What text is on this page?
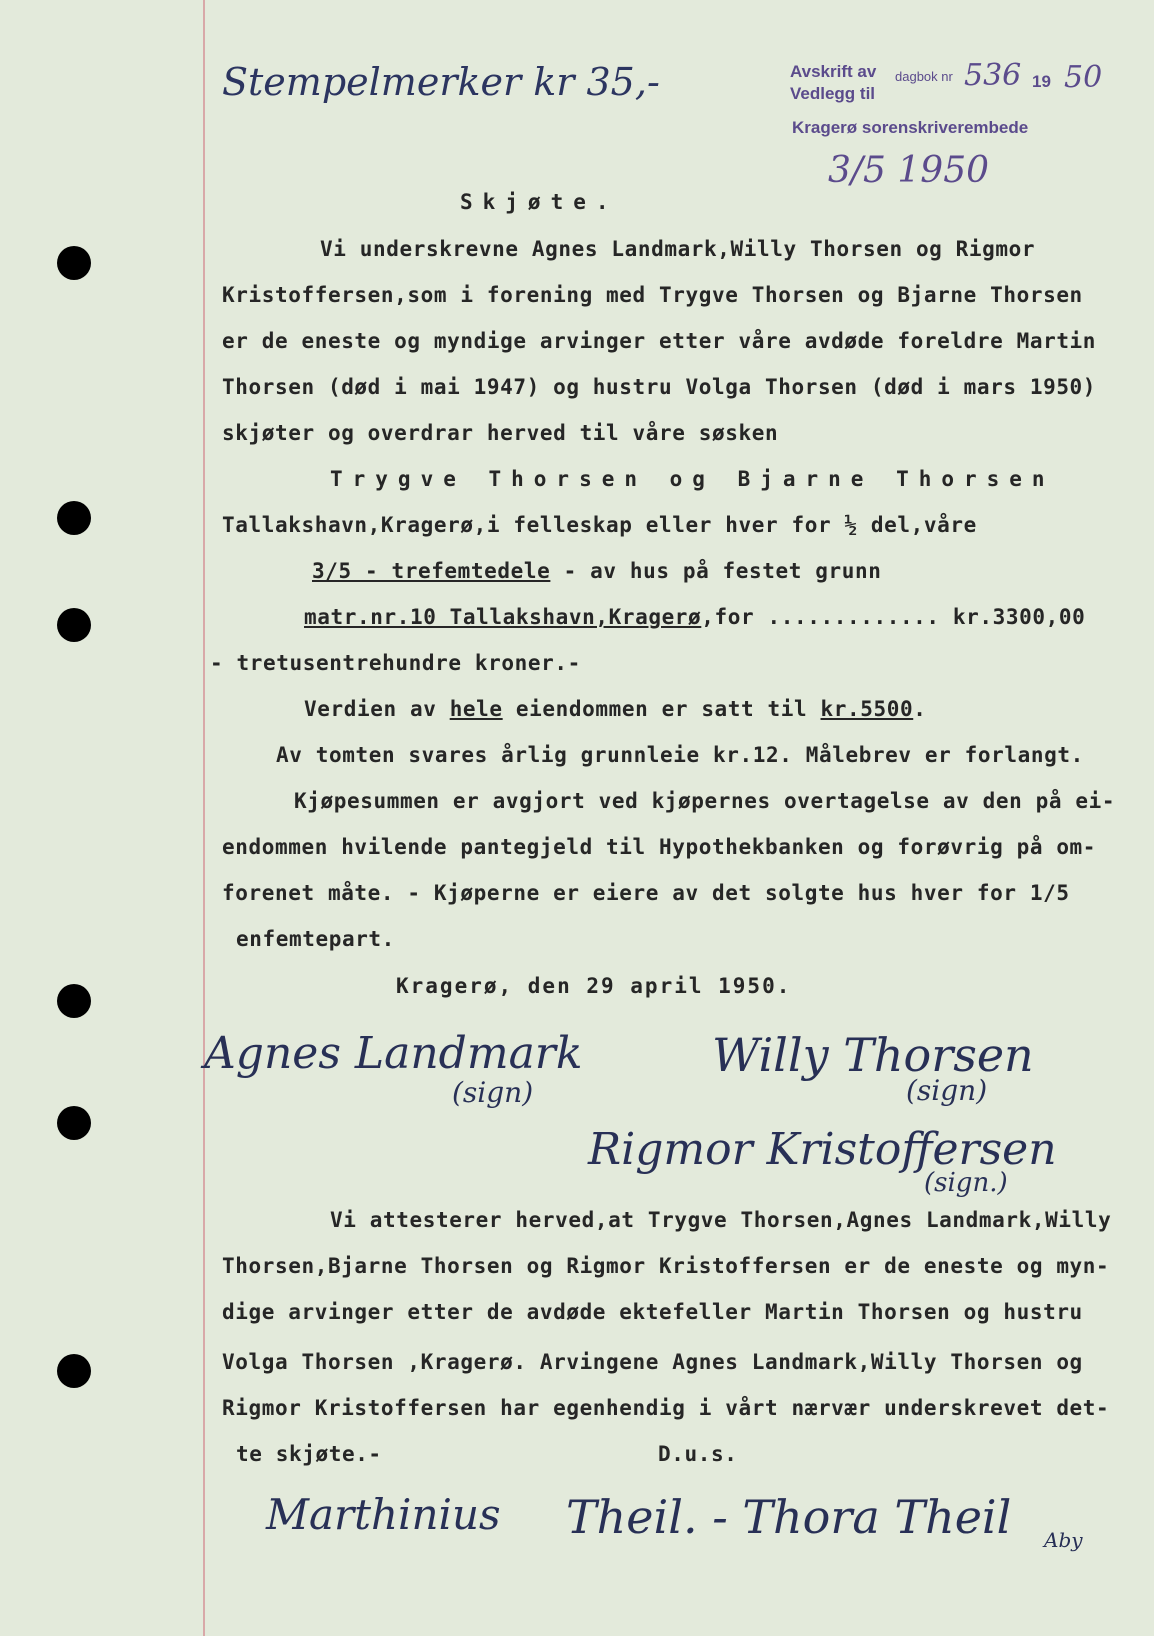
Stempelmerker kr 35,-	Avskrift av dagbok nr
Vedlegg til
536 19 50
Kragerø sorenskriverembede
3/5 1950
Skjøte.
Vi underskrevne Agnes Landmark,Willy Thorsen og Rigmor
Kristoffersen,som i forening med Trygve Thorsen og Bjarne Thorsen
er de eneste og myndige arvinger etter våre avdøde foreldre Martin
Thorsen (død i mai 1947) og hustru Volga Thorsen (død i mars 1950)
skjøter og overdrar herved til våre søsken
Trygve Thorsen og Bjarne Thorsen
Tallakshavn,Kragerø,i felleskap eller hver for ½ del,våre
3/5 - trefemtedele - av hus på festet grunn
matr.nr.10 Tallakshavn,Kragerø,for ............. kr.3300,00
- tretusentrehundre kroner.-
Verdien av hele eiendommen er satt til kr.5500.
Av tomten svares årlig grunnleie kr.12. Målebrev er forlangt.
Kjøpesummen er avgjort ved kjøpernes overtagelse av den på ei-
endommen hvilende pantegjeld til Hypothekbanken og forøvrig på om-
forenet måte. - Kjøperne er eiere av det solgte hus hver for 1/5
enfemtepart.
Kragerø, den 29 april 1950.
Agnes Landmark
(sign)
Willy Thorsen
(sign)
Rigmor Kristoffersen
(sign.)
Vi attesterer herved,at Trygve Thorsen,Agnes Landmark,Willy
Thorsen,Bjarne Thorsen og Rigmor Kristoffersen er de eneste og myn-
dige arvinger etter de avdøde ektefeller Martin Thorsen og hustru
Volga Thorsen ,Kragerø. Arvingene Agnes Landmark,Willy Thorsen og
Rigmor Kristoffersen har egenhendig i vårt nærvær underskrevet det-
te skjøte.-	D.u.s.
Marthinius Theil. - Thora Theil Aby
